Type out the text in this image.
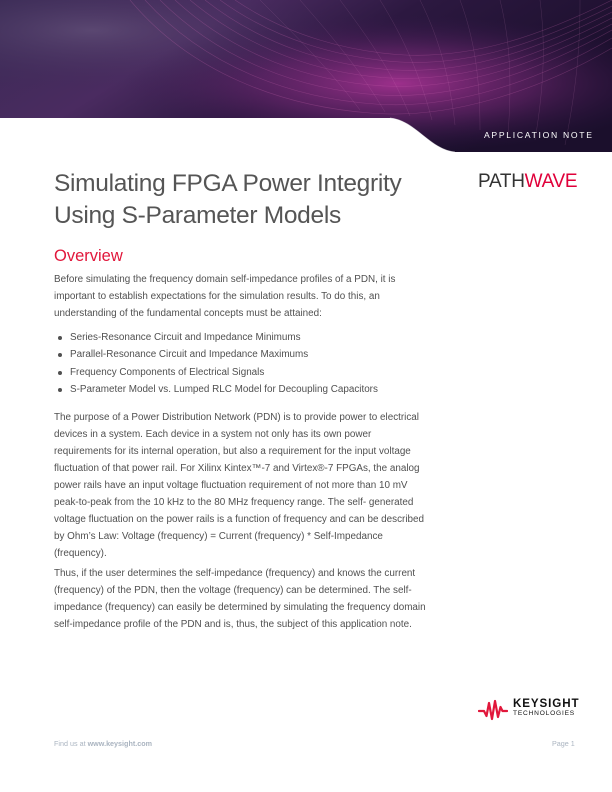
APPLICATION NOTE
Simulating FPGA Power Integrity
Using S-Parameter Models
PATHWAVE
Overview

Before simulating the frequency domain self-impedance profiles of a PDN, it is important to establish expectations for the simulation results. To do this, an understanding of the fundamental concepts must be attained:

Series-Resonance Circuit and Impedance Minimums
Parallel-Resonance Circuit and Impedance Maximums
Frequency Components of Electrical Signals
S-Parameter Model vs. Lumped RLC Model for Decoupling Capacitors

The purpose of a Power Distribution Network (PDN) is to provide power to electrical devices in a system. Each device in a system not only has its own power requirements for its internal operation, but also a requirement for the input voltage fluctuation of that power rail. For Xilinx Kintex™-7 and Virtex®-7 FPGAs, the analog power rails have an input voltage fluctuation requirement of not more than 10 mV peak-to-peak from the 10 kHz to the 80 MHz frequency range. The self- generated voltage fluctuation on the power rails is a function of frequency and can be described by Ohm’s Law: Voltage (frequency) = Current (frequency) * Self-Impedance (frequency).

Thus, if the user determines the self-impedance (frequency) and knows the current (frequency) of the PDN, then the voltage (frequency) can be determined. The self-impedance (frequency) can easily be determined by simulating the frequency domain self-impedance profile of the PDN and is, thus, the subject of this application note.

KEYSIGHT
TECHNOLOGIES
Find us at www.keysight.com	Page 1
